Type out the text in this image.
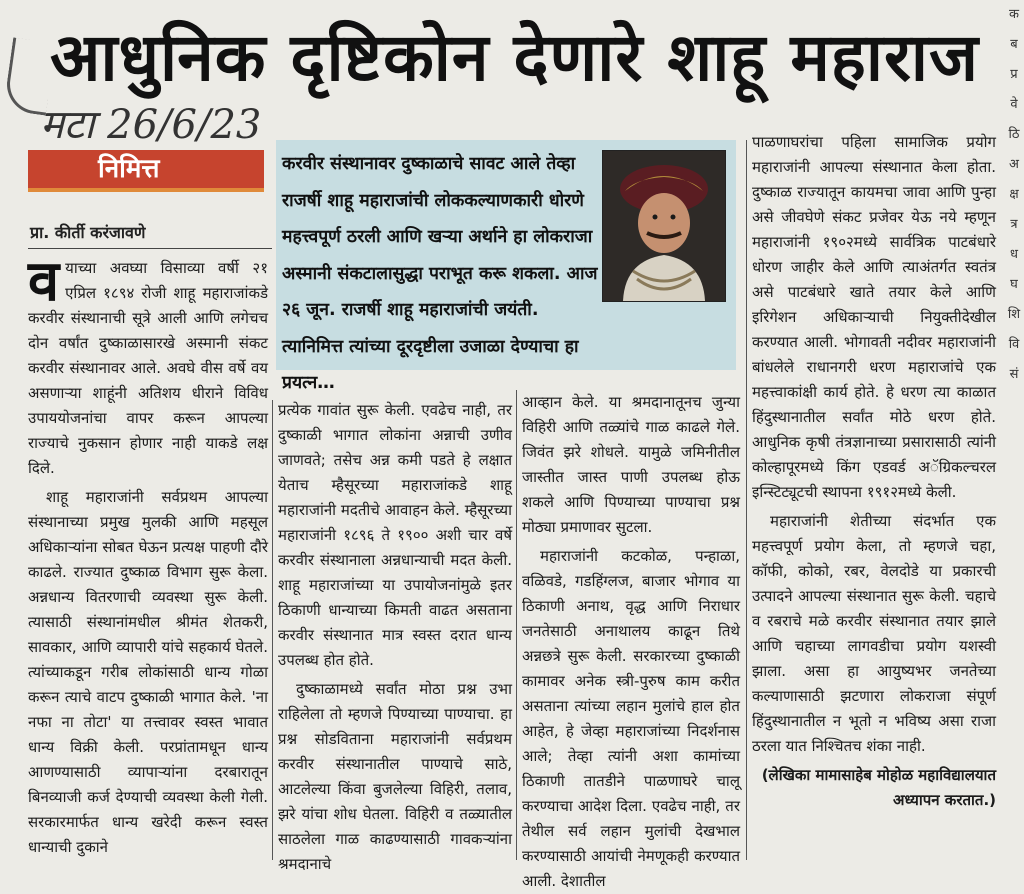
आधुनिक दृष्टिकोन देणारे शाहू महाराज
मटा 26/6/23
निमित्त
प्रा. कीर्ती करंजावणे
करवीर संस्थानावर दुष्काळाचे सावट आले तेव्हा राजर्षी शाहू महाराजांची लोककल्याणकारी धोरणे महत्त्वपूर्ण ठरली आणि खऱ्या अर्थाने हा लोकराजा अस्मानी संकटालासुद्धा पराभूत करू शकला. आज २६ जून. राजर्षी शाहू महाराजांची जयंती. त्यानिमित्त त्यांच्या दूरदृष्टीला उजाळा देण्याचा हा प्रयत्न…

वयाच्या अवघ्या विसाव्या वर्षी २१ एप्रिल १८९४ रोजी शाहू महाराजांकडे करवीर संस्थानाची सूत्रे आली आणि लगेचच दोन वर्षांत दुष्काळासारखे अस्मानी संकट करवीर संस्थानावर आले. अवघे वीस वर्षे वय असणाऱ्या शाहूंनी अतिशय धीराने विविध उपाययोजनांचा वापर करून आपल्या राज्याचे नुकसान होणार नाही याकडे लक्ष दिले.

शाहू महाराजांनी सर्वप्रथम आपल्या संस्थानाच्या प्रमुख मुलकी आणि महसूल अधिकाऱ्यांना सोबत घेऊन प्रत्यक्ष पाहणी दौरे काढले. राज्यात दुष्काळ विभाग सुरू केला. अन्नधान्य वितरणाची व्यवस्था सुरू केली. त्यासाठी संस्थानांमधील श्रीमंत शेतकरी, सावकार, आणि व्यापारी यांचे सहकार्य घेतले. त्यांच्याकडून गरीब लोकांसाठी धान्य गोळा करून त्याचे वाटप दुष्काळी भागात केले. 'ना नफा ना तोटा' या तत्त्वावर स्वस्त भावात धान्य विक्री केली. परप्रांतामधून धान्य आणण्यासाठी व्यापाऱ्यांना दरबारातून बिनव्याजी कर्ज देण्याची व्यवस्था केली गेली. सरकारमार्फत धान्य खरेदी करून स्वस्त धान्याची दुकाने

प्रत्येक गावांत सुरू केली. एवढेच नाही, तर दुष्काळी भागात लोकांना अन्नाची उणीव जाणवते; तसेच अन्न कमी पडते हे लक्षात येताच म्हैसूरच्या महाराजांकडे शाहू महाराजांनी मदतीचे आवाहन केले. म्हैसूरच्या महाराजांनी १८९६ ते १९०० अशी चार वर्षे करवीर संस्थानाला अन्नधान्याची मदत केली. शाहू महाराजांच्या या उपायोजनांमुळे इतर ठिकाणी धान्याच्या किमती वाढत असताना करवीर संस्थानात मात्र स्वस्त दरात धान्य उपलब्ध होत होते.

दुष्काळामध्ये सर्वांत मोठा प्रश्न उभा राहिलेला तो म्हणजे पिण्याच्या पाण्याचा. हा प्रश्न सोडविताना महाराजांनी सर्वप्रथम करवीर संस्थानातील पाण्याचे साठे, आटलेल्या किंवा बुजलेल्या विहिरी, तलाव, झरे यांचा शोध घेतला. विहिरी व तळ्यातील साठलेला गाळ काढण्यासाठी गावकऱ्यांना श्रमदानाचे

आव्हान केले. या श्रमदानातूनच जुन्या विहिरी आणि तळ्यांचे गाळ काढले गेले. जिवंत झरे शोधले. यामुळे जमिनीतील जास्तीत जास्त पाणी उपलब्ध होऊ शकले आणि पिण्याच्या पाण्याचा प्रश्न मोठ्या प्रमाणावर सुटला.

महाराजांनी कटकोळ, पन्हाळा, वळिवडे, गडहिंग्लज, बाजार भोगाव या ठिकाणी अनाथ, वृद्ध आणि निराधार जनतेसाठी अनाथालय काढून तिथे अन्नछत्रे सुरू केली. सरकारच्या दुष्काळी कामावर अनेक स्त्री-पुरुष काम करीत असताना त्यांच्या लहान मुलांचे हाल होत आहेत, हे जेव्हा महाराजांच्या निदर्शनास आले; तेव्हा त्यांनी अशा कामांच्या ठिकाणी तातडीने पाळणाघरे चालू करण्याचा आदेश दिला. एवढेच नाही, तर तेथील सर्व लहान मुलांची देखभाल करण्यासाठी आयांची नेमणूकही करण्यात आली. देशातील

पाळणाघरांचा पहिला सामाजिक प्रयोग महाराजांनी आपल्या संस्थानात केला होता. दुष्काळ राज्यातून कायमचा जावा आणि पुन्हा असे जीवघेणे संकट प्रजेवर येऊ नये म्हणून महाराजांनी १९०२मध्ये सार्वत्रिक पाटबंधारे धोरण जाहीर केले आणि त्याअंतर्गत स्वतंत्र असे पाटबंधारे खाते तयार केले आणि इरिगेशन अधिकाऱ्याची नियुक्तीदेखील करण्यात आली. भोगावती नदीवर महाराजांनी बांधलेले राधानगरी धरण महाराजांचे एक महत्त्वाकांक्षी कार्य होते. हे धरण त्या काळात हिंदुस्थानातील सर्वांत मोठे धरण होते. आधुनिक कृषी तंत्रज्ञानाच्या प्रसारासाठी त्यांनी कोल्हापूरमध्ये किंग एडवर्ड अॅग्रिकल्चरल इन्स्टिट्यूटची स्थापना १९१२मध्ये केली.

महाराजांनी शेतीच्या संदर्भात एक महत्त्वपूर्ण प्रयोग केला, तो म्हणजे चहा, कॉफी, कोको, रबर, वेलदोडे या प्रकारची उत्पादने आपल्या संस्थानात सुरू केली. चहाचे व रबराचे मळे करवीर संस्थानात तयार झाले आणि चहाच्या लागवडीचा प्रयोग यशस्वी झाला. असा हा आयुष्यभर जनतेच्या कल्याणासाठी झटणारा लोकराजा संपूर्ण हिंदुस्थानातील न भूतो न भविष्य असा राजा ठरला यात निश्चितच शंका नाही.

(लेखिका मामासाहेब मोहोळ महाविद्यालयात अध्यापन करतात.)

क
ब
प्र
वे
ठि
अ
क्ष
त्र
ध
घ
शि
वि
सं
